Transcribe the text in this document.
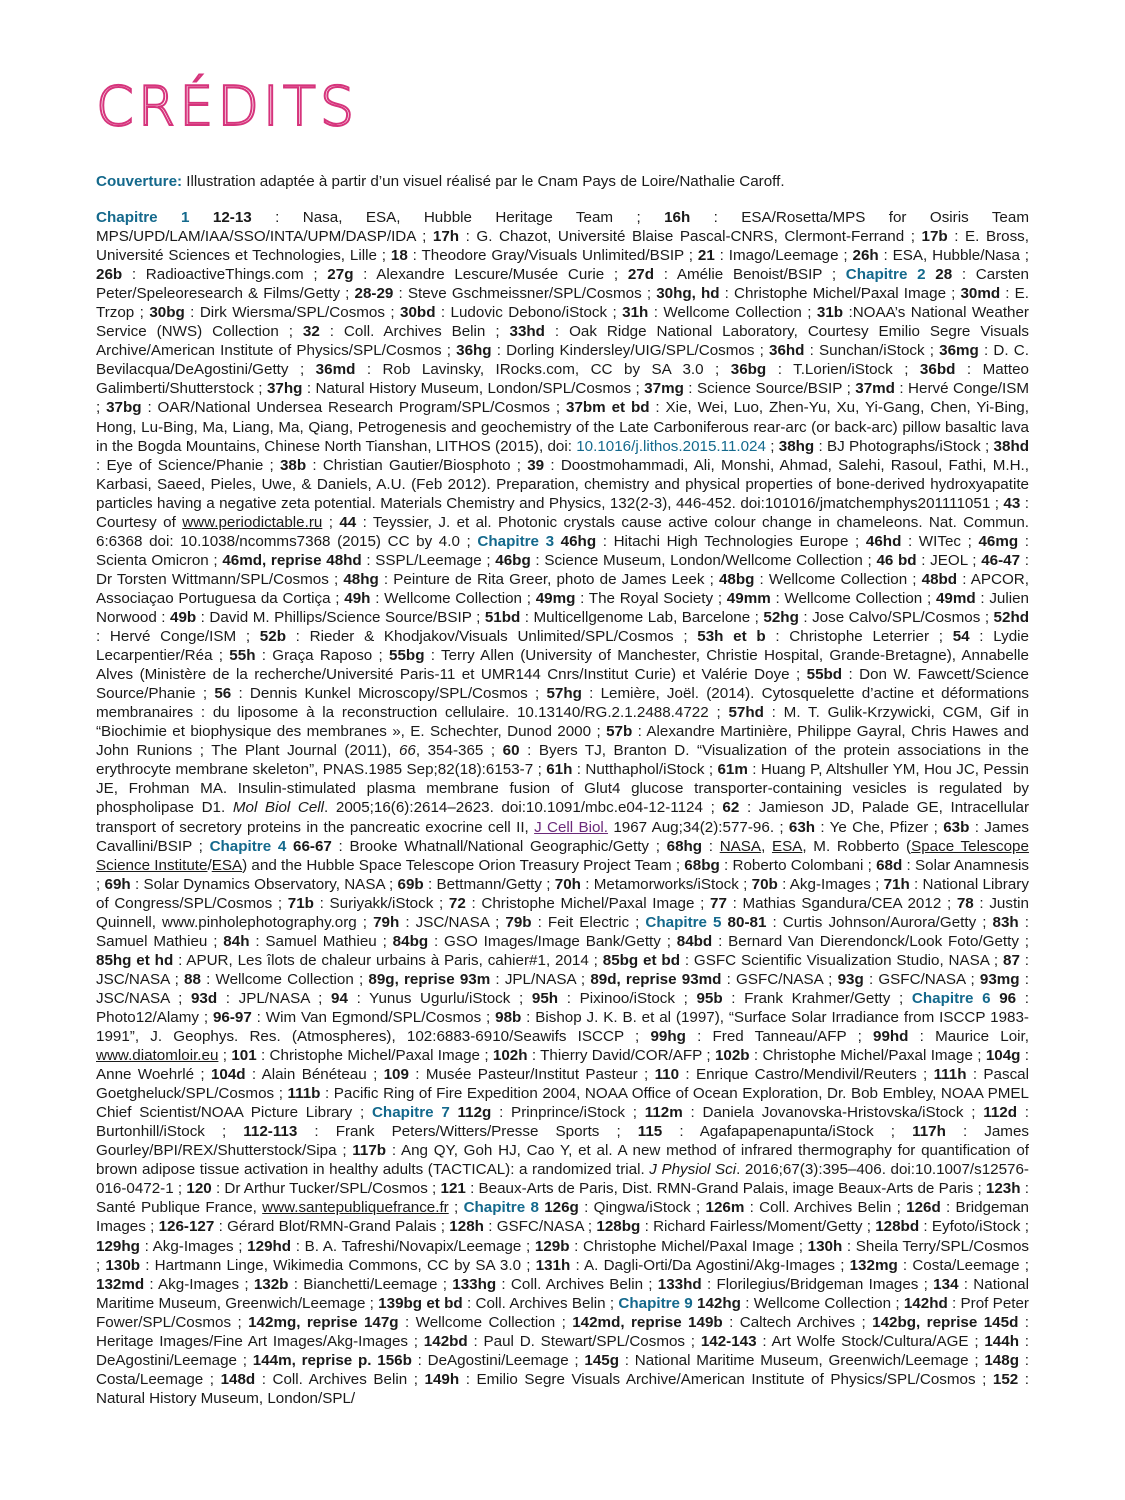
CRÉDITS

Couverture: Illustration adaptée à partir d’un visuel réalisé par le Cnam Pays de Loire/Nathalie Caroff.

Chapitre 1 12-13 : Nasa, ESA, Hubble Heritage Team ; 16h : ESA/Rosetta/MPS for Osiris Team MPS/UPD/LAM/IAA/SSO/INTA/UPM/DASP/IDA ; 17h : G. Chazot, Université Blaise Pascal-CNRS, Clermont-Ferrand ; 17b : E. Bross, Université Sciences et Technologies, Lille ; 18 : Theodore Gray/Visuals Unlimited/BSIP ; 21 : Imago/Leemage ; 26h : ESA, Hubble/Nasa ; 26b : RadioactiveThings.com ; 27g : Alexandre Lescure/Musée Curie ; 27d : Amélie Benoist/BSIP ; Chapitre 2 28 : Carsten Peter/Speleoresearch & Films/Getty ; 28-29 : Steve Gschmeissner/SPL/Cosmos ; 30hg, hd : Christophe Michel/Paxal Image ; 30md : E. Trzop ; 30bg : Dirk Wiersma/SPL/Cosmos ; 30bd : Ludovic Debono/iStock ; 31h : Wellcome Collection ; 31b :NOAA’s National Weather Service (NWS) Collection ; 32 : Coll. Archives Belin ; 33hd : Oak Ridge National Laboratory, Courtesy Emilio Segre Visuals Archive/American Institute of Physics/SPL/Cosmos ; 36hg : Dorling Kindersley/UIG/SPL/Cosmos ; 36hd : Sunchan/iStock ; 36mg : D. C. Bevilacqua/DeAgostini/Getty ; 36md : Rob Lavinsky, IRocks.com, CC by SA 3.0 ; 36bg : T.Lorien/iStock ; 36bd : Matteo Galimberti/Shutterstock ; 37hg : Natural History Museum, London/SPL/Cosmos ; 37mg : Science Source/BSIP ; 37md : Hervé Conge/ISM ; 37bg : OAR/National Undersea Research Program/SPL/Cosmos ; 37bm et bd : Xie, Wei, Luo, Zhen-Yu, Xu, Yi-Gang, Chen, Yi-Bing, Hong, Lu-Bing, Ma, Liang, Ma, Qiang, Petrogenesis and geochemistry of the Late Carboniferous rear-arc (or back-arc) pillow basaltic lava in the Bogda Mountains, Chinese North Tianshan, LITHOS (2015), doi: 10.1016/j.lithos.2015.11.024 ; 38hg : BJ Photographs/iStock ; 38hd : Eye of Science/Phanie ; 38b : Christian Gautier/Biosphoto ; 39 : Doostmohammadi, Ali, Monshi, Ahmad, Salehi, Rasoul, Fathi, M.H., Karbasi, Saeed, Pieles, Uwe, & Daniels, A.U. (Feb 2012). Preparation, chemistry and physical properties of bone-derived hydroxyapatite particles having a negative zeta potential. Materials Chemistry and Physics, 132(2-3), 446-452. doi:101016/jmatchemphys201111051 ; 43 : Courtesy of www.periodictable.ru ; 44 : Teyssier, J. et al. Photonic crystals cause active colour change in chameleons. Nat. Commun. 6:6368 doi: 10.1038/ncomms7368 (2015) CC by 4.0 ; Chapitre 3 46hg : Hitachi High Technologies Europe ; 46hd : WITec ; 46mg : Scienta Omicron ; 46md, reprise 48hd : SSPL/Leemage ; 46bg : Science Museum, London/Wellcome Collection ; 46 bd : JEOL ; 46-47 : Dr Torsten Wittmann/SPL/Cosmos ; 48hg : Peinture de Rita Greer, photo de James Leek ; 48bg : Wellcome Collection ; 48bd : APCOR, Associaçao Portuguesa da Cortiça ; 49h : Wellcome Collection ; 49mg : The Royal Society ; 49mm : Wellcome Collection ; 49md : Julien Norwood : 49b : David M. Phillips/Science Source/BSIP ; 51bd : Multicellgenome Lab, Barcelone ; 52hg : Jose Calvo/SPL/Cosmos ; 52hd : Hervé Conge/ISM ; 52b : Rieder & Khodjakov/Visuals Unlimited/SPL/Cosmos ; 53h et b : Christophe Leterrier ; 54 : Lydie Lecarpentier/Réa ; 55h : Graça Raposo ; 55bg : Terry Allen (University of Manchester, Christie Hospital, Grande-Bretagne), Annabelle Alves (Ministère de la recherche/Université Paris-11 et UMR144 Cnrs/Institut Curie) et Valérie Doye ; 55bd : Don W. Fawcett/Science Source/Phanie ; 56 : Dennis Kunkel Microscopy/SPL/Cosmos ; 57hg : Lemière, Joël. (2014). Cytosquelette d’actine et déformations membranaires : du liposome à la reconstruction cellulaire. 10.13140/RG.2.1.2488.4722 ; 57hd : M. T. Gulik-Krzywicki, CGM, Gif in “Biochimie et biophysique des membranes », E. Schechter, Dunod 2000 ; 57b : Alexandre Martinière, Philippe Gayral, Chris Hawes and John Runions ; The Plant Journal (2011), 66, 354-365 ; 60 : Byers TJ, Branton D. “Visualization of the protein associations in the erythrocyte membrane skeleton”, PNAS.1985 Sep;82(18):6153-7 ; 61h : Nutthaphol/iStock ; 61m : Huang P, Altshuller YM, Hou JC, Pessin JE, Frohman MA. Insulin-stimulated plasma membrane fusion of Glut4 glucose transporter-containing vesicles is regulated by phospholipase D1. Mol Biol Cell. 2005;16(6):2614–2623. doi:10.1091/mbc.e04-12-1124 ; 62 : Jamieson JD, Palade GE, Intracellular transport of secretory proteins in the pancreatic exocrine cell II, J Cell Biol. 1967 Aug;34(2):577-96. ; 63h : Ye Che, Pfizer ; 63b : James Cavallini/BSIP ; Chapitre 4 66-67 : Brooke Whatnall/National Geographic/Getty ; 68hg : NASA, ESA, M. Robberto (Space Telescope Science Institute/ESA) and the Hubble Space Telescope Orion Treasury Project Team ; 68bg : Roberto Colombani ; 68d : Solar Anamnesis ; 69h : Solar Dynamics Observatory, NASA ; 69b : Bettmann/Getty ; 70h : Metamorworks/iStock ; 70b : Akg-Images ; 71h : National Library of Congress/SPL/Cosmos ; 71b : Suriyakk/iStock ; 72 : Christophe Michel/Paxal Image ; 77 : Mathias Sgandura/CEA 2012 ; 78 : Justin Quinnell, www.pinholephotography.org ; 79h : JSC/NASA ; 79b : Feit Electric ; Chapitre 5 80-81 : Curtis Johnson/Aurora/Getty ; 83h : Samuel Mathieu ; 84h : Samuel Mathieu ; 84bg : GSO Images/Image Bank/Getty ; 84bd : Bernard Van Dierendonck/Look Foto/Getty ; 85hg et hd : APUR, Les îlots de chaleur urbains à Paris, cahier#1, 2014 ; 85bg et bd : GSFC Scientific Visualization Studio, NASA ; 87 : JSC/NASA ; 88 : Wellcome Collection ; 89g, reprise 93m : JPL/NASA ; 89d, reprise 93md : GSFC/NASA ; 93g : GSFC/NASA ; 93mg : JSC/NASA ; 93d : JPL/NASA ; 94 : Yunus Ugurlu/iStock ; 95h : Pixinoo/iStock ; 95b : Frank Krahmer/Getty ; Chapitre 6 96 : Photo12/Alamy ; 96-97 : Wim Van Egmond/SPL/Cosmos ; 98b : Bishop J. K. B. et al (1997), “Surface Solar Irradiance from ISCCP 1983-1991”, J. Geophys. Res. (Atmospheres), 102:6883-6910/Seawifs ISCCP ; 99hg : Fred Tanneau/AFP ; 99hd : Maurice Loir, www.diatomloir.eu ; 101 : Christophe Michel/Paxal Image ; 102h : Thierry David/COR/AFP ; 102b : Christophe Michel/Paxal Image ; 104g : Anne Woehrlé ; 104d : Alain Bénéteau ; 109 : Musée Pasteur/Institut Pasteur ; 110 : Enrique Castro/Mendivil/Reuters ; 111h : Pascal Goetgheluck/SPL/Cosmos ; 111b : Pacific Ring of Fire Expedition 2004, NOAA Office of Ocean Exploration, Dr. Bob Embley, NOAA PMEL Chief Scientist/NOAA Picture Library ; Chapitre 7 112g : Prinprince/iStock ; 112m : Daniela Jovanovska-Hristovska/iStock ; 112d : Burtonhill/iStock ; 112-113 : Frank Peters/Witters/Presse Sports ; 115 : Agafapapenapunta/iStock ; 117h : James Gourley/BPI/REX/Shutterstock/Sipa ; 117b : Ang QY, Goh HJ, Cao Y, et al. A new method of infrared thermography for quantification of brown adipose tissue activation in healthy adults (TACTICAL): a randomized trial. J Physiol Sci. 2016;67(3):395–406. doi:10.1007/s12576-016-0472-1 ; 120 : Dr Arthur Tucker/SPL/Cosmos ; 121 : Beaux-Arts de Paris, Dist. RMN-Grand Palais, image Beaux-Arts de Paris ; 123h : Santé Publique France, www.santepubliquefrance.fr ; Chapitre 8 126g : Qingwa/iStock ; 126m : Coll. Archives Belin ; 126d : Bridgeman Images ; 126-127 : Gérard Blot/RMN-Grand Palais ; 128h : GSFC/NASA ; 128bg : Richard Fairless/Moment/Getty ; 128bd : Eyfoto/iStock ; 129hg : Akg-Images ; 129hd : B. A. Tafreshi/Novapix/Leemage ; 129b : Christophe Michel/Paxal Image ; 130h : Sheila Terry/SPL/Cosmos ; 130b : Hartmann Linge, Wikimedia Commons, CC by SA 3.0 ; 131h : A. Dagli-Orti/Da Agostini/Akg-Images ; 132mg : Costa/Leemage ; 132md : Akg-Images ; 132b : Bianchetti/Leemage ; 133hg : Coll. Archives Belin ; 133hd : Florilegius/Bridgeman Images ; 134 : National Maritime Museum, Greenwich/Leemage ; 139bg et bd : Coll. Archives Belin ; Chapitre 9 142hg : Wellcome Collection ; 142hd : Prof Peter Fower/SPL/Cosmos ; 142mg, reprise 147g : Wellcome Collection ; 142md, reprise 149b : Caltech Archives ; 142bg, reprise 145d : Heritage Images/Fine Art Images/Akg-Images ; 142bd : Paul D. Stewart/SPL/Cosmos ; 142-143 : Art Wolfe Stock/Cultura/AGE ; 144h : DeAgostini/Leemage ; 144m, reprise p. 156b : DeAgostini/Leemage ; 145g : National Maritime Museum, Greenwich/Leemage ; 148g : Costa/Leemage ; 148d : Coll. Archives Belin ; 149h : Emilio Segre Visuals Archive/American Institute of Physics/SPL/Cosmos ; 152 : Natural History Museum, London/SPL/
